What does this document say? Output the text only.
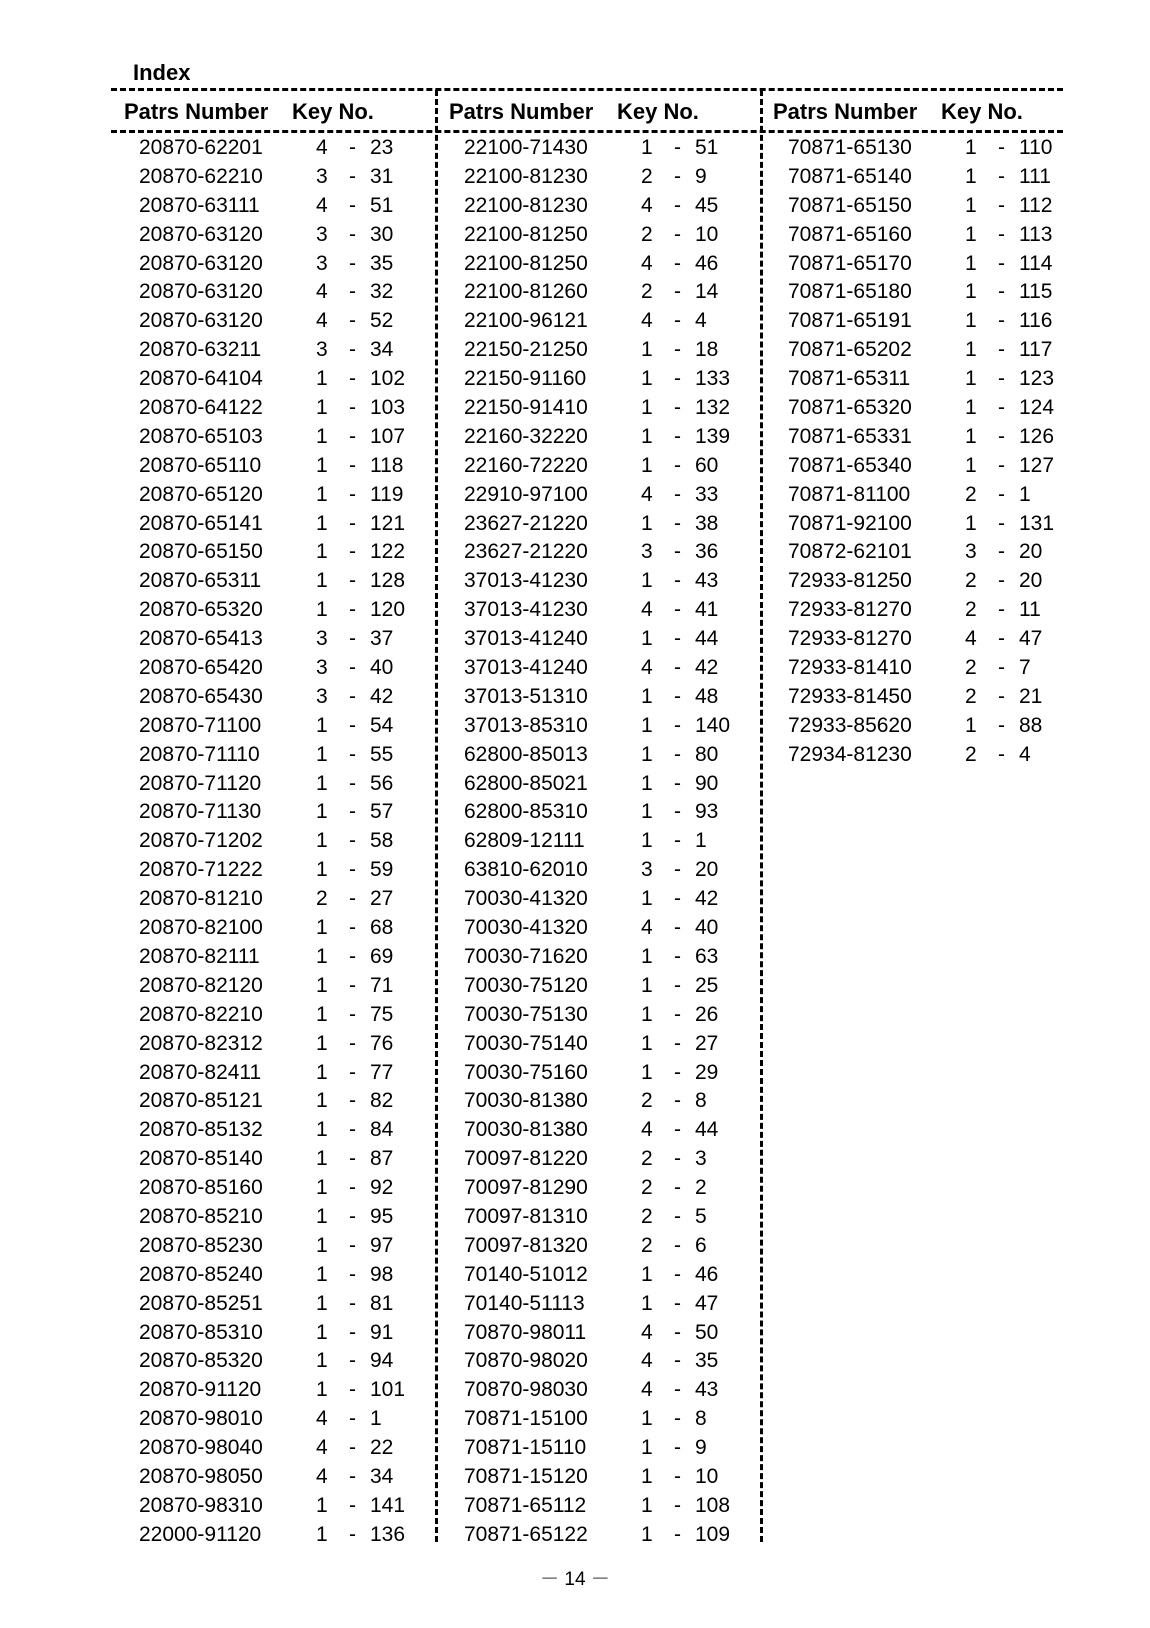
Index
Patrs Number	Key No.
20870-62201	4 - 23
20870-62210	3 - 31
20870-63111	4 - 51
20870-63120	3 - 30
20870-63120	3 - 35
20870-63120	4 - 32
20870-63120	4 - 52
20870-63211	3 - 34
20870-64104	1 - 102
20870-64122	1 - 103
20870-65103	1 - 107
20870-65110	1 - 118
20870-65120	1 - 119
20870-65141	1 - 121
20870-65150	1 - 122
20870-65311	1 - 128
20870-65320	1 - 120
20870-65413	3 - 37
20870-65420	3 - 40
20870-65430	3 - 42
20870-71100	1 - 54
20870-71110	1 - 55
20870-71120	1 - 56
20870-71130	1 - 57
20870-71202	1 - 58
20870-71222	1 - 59
20870-81210	2 - 27
20870-82100	1 - 68
20870-82111	1 - 69
20870-82120	1 - 71
20870-82210	1 - 75
20870-82312	1 - 76
20870-82411	1 - 77
20870-85121	1 - 82
20870-85132	1 - 84
20870-85140	1 - 87
20870-85160	1 - 92
20870-85210	1 - 95
20870-85230	1 - 97
20870-85240	1 - 98
20870-85251	1 - 81
20870-85310	1 - 91
20870-85320	1 - 94
20870-91120	1 - 101
20870-98010	4 - 1
20870-98040	4 - 22
20870-98050	4 - 34
20870-98310	1 - 141
22000-91120	1 - 136
Patrs Number	Key No.
22100-71430	1 - 51
22100-81230	2 - 9
22100-81230	4 - 45
22100-81250	2 - 10
22100-81250	4 - 46
22100-81260	2 - 14
22100-96121	4 - 4
22150-21250	1 - 18
22150-91160	1 - 133
22150-91410	1 - 132
22160-32220	1 - 139
22160-72220	1 - 60
22910-97100	4 - 33
23627-21220	1 - 38
23627-21220	3 - 36
37013-41230	1 - 43
37013-41230	4 - 41
37013-41240	1 - 44
37013-41240	4 - 42
37013-51310	1 - 48
37013-85310	1 - 140
62800-85013	1 - 80
62800-85021	1 - 90
62800-85310	1 - 93
62809-12111	1 - 1
63810-62010	3 - 20
70030-41320	1 - 42
70030-41320	4 - 40
70030-71620	1 - 63
70030-75120	1 - 25
70030-75130	1 - 26
70030-75140	1 - 27
70030-75160	1 - 29
70030-81380	2 - 8
70030-81380	4 - 44
70097-81220	2 - 3
70097-81290	2 - 2
70097-81310	2 - 5
70097-81320	2 - 6
70140-51012	1 - 46
70140-51113	1 - 47
70870-98011	4 - 50
70870-98020	4 - 35
70870-98030	4 - 43
70871-15100	1 - 8
70871-15110	1 - 9
70871-15120	1 - 10
70871-65112	1 - 108
70871-65122	1 - 109
Patrs Number	Key No.
70871-65130	1 - 110
70871-65140	1 - 111
70871-65150	1 - 112
70871-65160	1 - 113
70871-65170	1 - 114
70871-65180	1 - 115
70871-65191	1 - 116
70871-65202	1 - 117
70871-65311	1 - 123
70871-65320	1 - 124
70871-65331	1 - 126
70871-65340	1 - 127
70871-81100	2 - 1
70871-92100	1 - 131
70872-62101	3 - 20
72933-81250	2 - 20
72933-81270	2 - 11
72933-81270	4 - 47
72933-81410	2 - 7
72933-81450	2 - 21
72933-85620	1 - 88
72934-81230	2 - 4
－ 14 －
